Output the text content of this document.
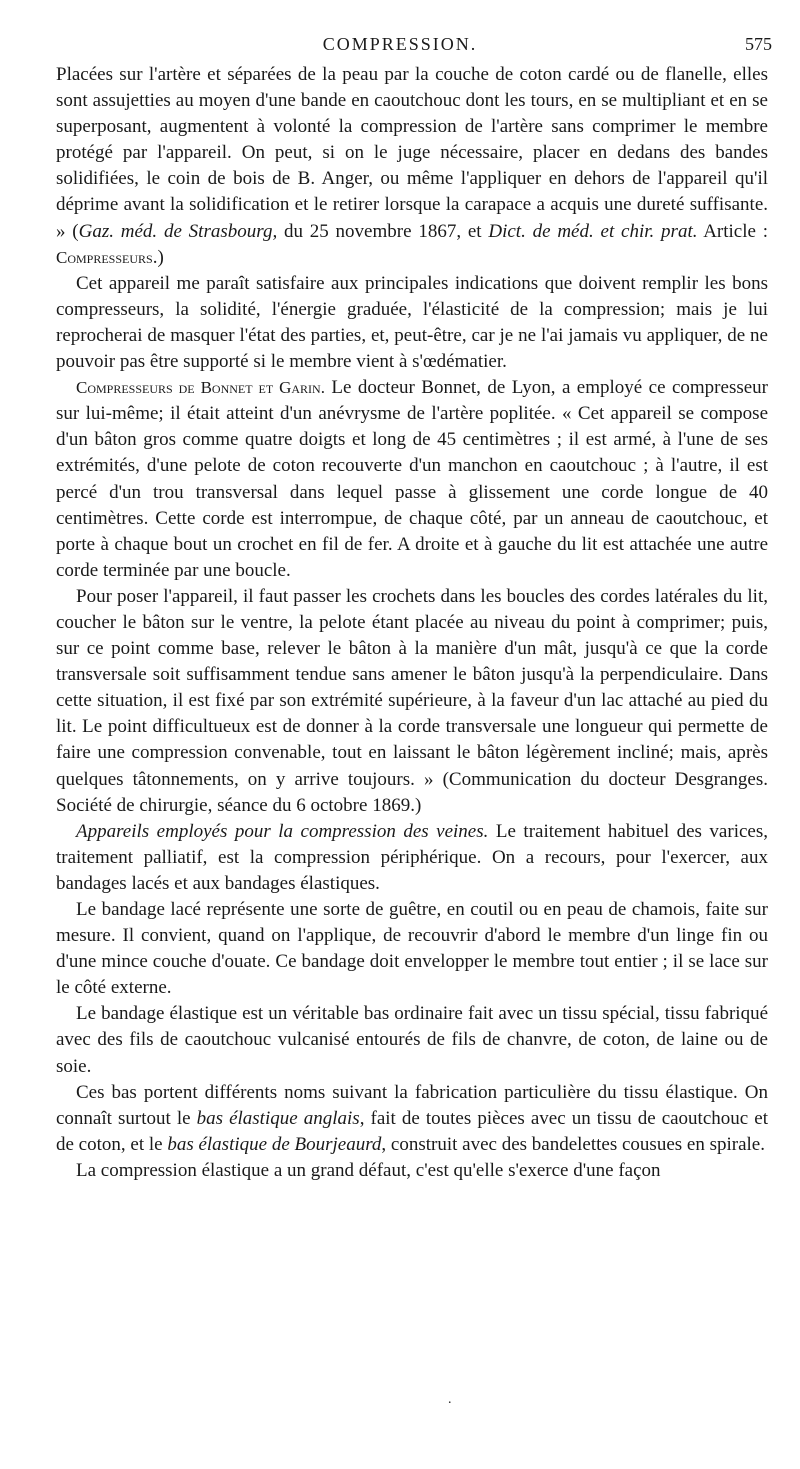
COMPRESSION.	575

Placées sur l'artère et séparées de la peau par la couche de coton cardé ou de flanelle, elles sont assujetties au moyen d'une bande en caoutchouc dont les tours, en se multipliant et en se superposant, augmentent à volonté la compression de l'artère sans comprimer le membre protégé par l'appareil. On peut, si on le juge nécessaire, placer en dedans des bandes solidifiées, le coin de bois de B. Anger, ou même l'appliquer en dehors de l'appareil qu'il déprime avant la solidification et le retirer lorsque la carapace a acquis une dureté suffisante. » (Gaz. méd. de Strasbourg, du 25 novembre 1867, et Dict. de méd. et chir. prat. Article : Compresseurs.)

Cet appareil me paraît satisfaire aux principales indications que doivent remplir les bons compresseurs, la solidité, l'énergie graduée, l'élasticité de la compression; mais je lui reprocherai de masquer l'état des parties, et, peut-être, car je ne l'ai jamais vu appliquer, de ne pouvoir pas être supporté si le membre vient à s'œdématier.

Compresseurs de Bonnet et Garin. Le docteur Bonnet, de Lyon, a employé ce compresseur sur lui-même; il était atteint d'un anévrysme de l'artère poplitée. « Cet appareil se compose d'un bâton gros comme quatre doigts et long de 45 centimètres ; il est armé, à l'une de ses extrémités, d'une pelote de coton recouverte d'un manchon en caoutchouc ; à l'autre, il est percé d'un trou transversal dans lequel passe à glissement une corde longue de 40 centimètres. Cette corde est interrompue, de chaque côté, par un anneau de caoutchouc, et porte à chaque bout un crochet en fil de fer. A droite et à gauche du lit est attachée une autre corde terminée par une boucle.

Pour poser l'appareil, il faut passer les crochets dans les boucles des cordes latérales du lit, coucher le bâton sur le ventre, la pelote étant placée au niveau du point à comprimer; puis, sur ce point comme base, relever le bâton à la manière d'un mât, jusqu'à ce que la corde transversale soit suffisamment tendue sans amener le bâton jusqu'à la perpendiculaire. Dans cette situation, il est fixé par son extrémité supérieure, à la faveur d'un lac attaché au pied du lit. Le point difficultueux est de donner à la corde transversale une longueur qui permette de faire une compression convenable, tout en laissant le bâton légèrement incliné; mais, après quelques tâtonnements, on y arrive toujours. » (Communication du docteur Desgranges. Société de chirurgie, séance du 6 octobre 1869.)

Appareils employés pour la compression des veines. Le traitement habituel des varices, traitement palliatif, est la compression périphérique. On a recours, pour l'exercer, aux bandages lacés et aux bandages élastiques.

Le bandage lacé représente une sorte de guêtre, en coutil ou en peau de chamois, faite sur mesure. Il convient, quand on l'applique, de recouvrir d'abord le membre d'un linge fin ou d'une mince couche d'ouate. Ce bandage doit envelopper le membre tout entier ; il se lace sur le côté externe.

Le bandage élastique est un véritable bas ordinaire fait avec un tissu spécial, tissu fabriqué avec des fils de caoutchouc vulcanisé entourés de fils de chanvre, de coton, de laine ou de soie.

Ces bas portent différents noms suivant la fabrication particulière du tissu élastique. On connaît surtout le bas élastique anglais, fait de toutes pièces avec un tissu de caoutchouc et de coton, et le bas élastique de Bourjeaurd, construit avec des bandelettes cousues en spirale.

La compression élastique a un grand défaut, c'est qu'elle s'exerce d'une façon

.
